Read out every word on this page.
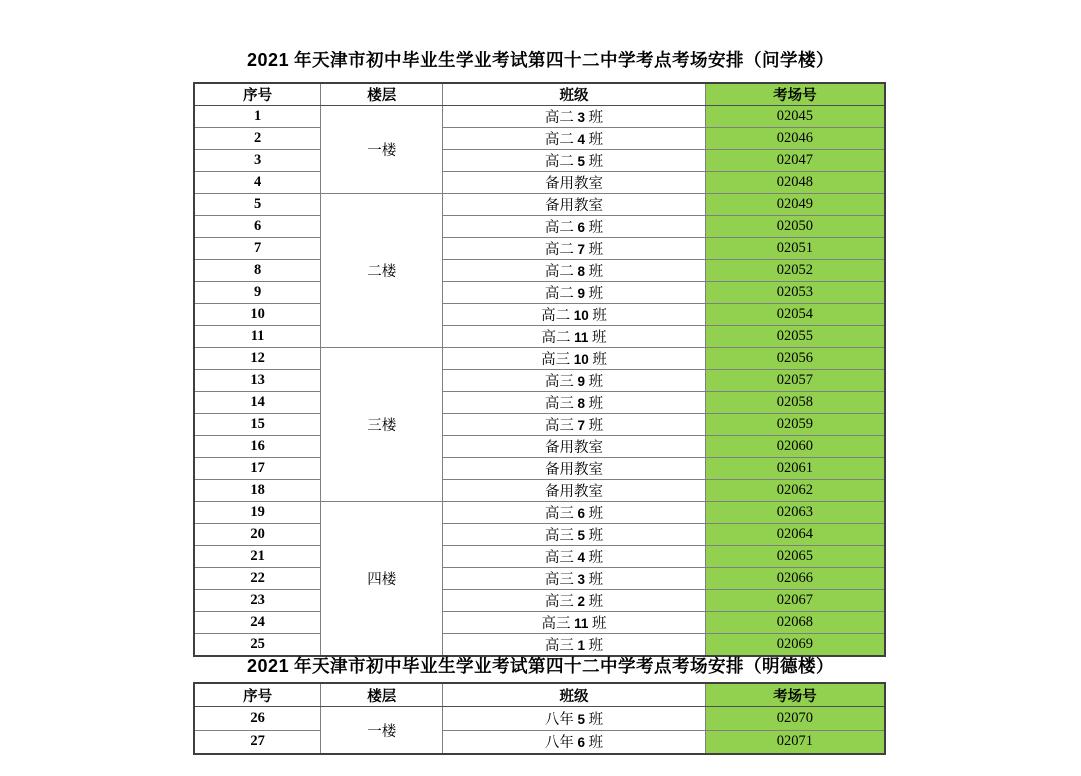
2021 年天津市初中毕业生学业考试第四十二中学考点考场安排（问学楼）
序号	楼层	班级	考场号
1	一楼	高二 3 班	02045
2		高二 4 班	02046
3		高二 5 班	02047
4		备用教室	02048
5	二楼	备用教室	02049
6		高二 6 班	02050
7		高二 7 班	02051
8		高二 8 班	02052
9		高二 9 班	02053
10		高二 10 班	02054
11		高二 11 班	02055
12	三楼	高三 10 班	02056
13		高三 9 班	02057
14		高三 8 班	02058
15		高三 7 班	02059
16		备用教室	02060
17		备用教室	02061
18		备用教室	02062
19	四楼	高三 6 班	02063
20		高三 5 班	02064
21		高三 4 班	02065
22		高三 3 班	02066
23		高三 2 班	02067
24		高三 11 班	02068
25		高三 1 班	02069
2021 年天津市初中毕业生学业考试第四十二中学考点考场安排（明德楼）
序号	楼层	班级	考场号
26	一楼	八年 5 班	02070
27		八年 6 班	02071
